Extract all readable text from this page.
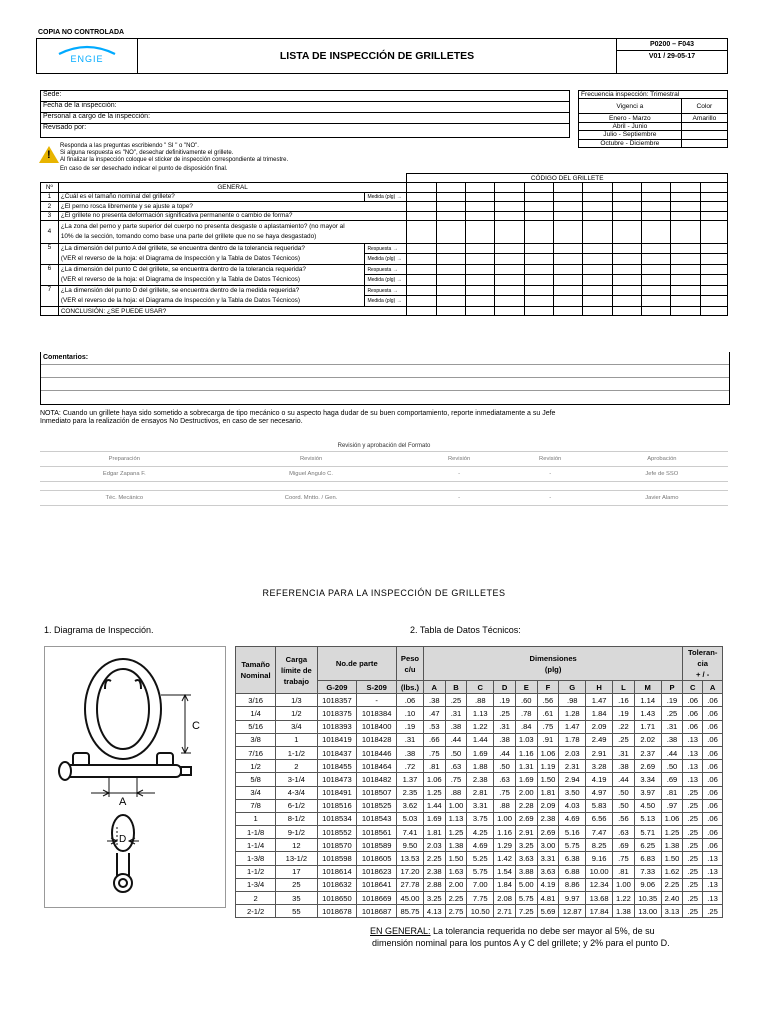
COPIA NO CONTROLADA
ENGIE	LISTA DE INSPECCIÓN DE GRILLETES	
P0200 – F043
V01 / 29-05-17
Sede:
Fecha de la inspección:
Personal a cargo de la inspección:
Revisado por:
Frecuencia inspección: Trimestral	
Vigenci a	Color
Enero - Marzo	Amarillo
Abril - Junio	
Julio - Septiembre	
Octubre - Diciembre	
!
Responda a las preguntas escribiendo " SI " o "NO".
Si alguna respuesta es "NO", desechar definitivamente el grillete.
Al finalizar la inspección coloque el sticker de inspección correspondiente al trimestre.
En caso de ser desechado indicar el punto de disposición final.
			CÓDIGO DEL GRILLETE										
Nº	GENERAL												
1	¿Cuál es el tamaño nominal del grillete?	Medida (plg) →											
2	¿El perno rosca libremente y se ajuste a tope?												
3	¿El grillete no presenta deformación significativa permanente o cambio de forma?												
4	¿La zona del perno y parte superior del cuerpo no presenta desgaste o aplastamiento? (no mayor al
10% de la sección, tomando como base una parte del grillete que no se haya desgastado)												

5	¿La dimensión del punto A del grillete, se encuentra dentro de la tolerancia requerida?
(VER el reverso de la hoja: el Diagrama de Inspección y la Tabla de Datos Técnicos)	Respuesta →											
		Medida (plg) →											
6	¿La dimensión del punto C del grillete, se encuentra dentro de la tolerancia requerida?
(VER el reverso de la hoja: el Diagrama de Inspección y la Tabla de Datos Técnicos)	Respuesta →											
		Medida (plg) →											
7	¿La dimensión del punto D del grillete, se encuentra dentro de la medida requerida?
(VER el reverso de la hoja: el Diagrama de Inspección y la Tabla de Datos Técnicos)	Respuesta →											
		Medida (plg) →											
	CONCLUSIÓN: ¿SE PUEDE USAR?												
Comentarios:
NOTA: Cuando un grillete haya sido sometido a sobrecarga de tipo mecánico o su aspecto haga dudar de su buen comportamiento, reporte inmediatamente a su Jefe
Inmediato para la realización de ensayos No Destructivos, en caso de ser necesario.
Revisión y aprobación del Formato
Preparación	Revisión	Revisión	Revisión	Aprobación
Edgar Zapana F.	Miguel Angulo C.	-	-	Jefe de SSO

Téc. Mecánico	Coord. Mntto. / Gen.	-	-	Javier Alamo
REFERENCIA PARA LA INSPECCIÓN DE GRILLETES
1. Diagrama de Inspección.	2. Tabla de Datos Técnicos:
C
A
D
Tamaño
Nominal	Carga
límite de
trabajo	No.de parte		Peso
c/u	Dimensiones
(plg)											Toleran-
cia
+ / -	

		G-209	S-209	(lbs.)	A	B	C	D	E	F	G	H	L	M	P	C	A
3/16	1/3	1018357	-	.06	.38	.25	.88	.19	.60	.56	.98	1.47	.16	1.14	.19	.06	.06
1/4	1/2	1018375	1018384	.10	.47	.31	1.13	.25	.78	.61	1.28	1.84	.19	1.43	.25	.06	.06
5/16	3/4	1018393	1018400	.19	.53	.38	1.22	.31	.84	.75	1.47	2.09	.22	1.71	.31	.06	.06
3/8	1	1018419	1018428	.31	.66	.44	1.44	.38	1.03	.91	1.78	2.49	.25	2.02	.38	.13	.06
7/16	1-1/2	1018437	1018446	.38	.75	.50	1.69	.44	1.16	1.06	2.03	2.91	.31	2.37	.44	.13	.06
1/2	2	1018455	1018464	.72	.81	.63	1.88	.50	1.31	1.19	2.31	3.28	.38	2.69	.50	.13	.06
5/8	3-1/4	1018473	1018482	1.37	1.06	.75	2.38	.63	1.69	1.50	2.94	4.19	.44	3.34	.69	.13	.06
3/4	4-3/4	1018491	1018507	2.35	1.25	.88	2.81	.75	2.00	1.81	3.50	4.97	.50	3.97	.81	.25	.06
7/8	6-1/2	1018516	1018525	3.62	1.44	1.00	3.31	.88	2.28	2.09	4.03	5.83	.50	4.50	.97	.25	.06
1	8-1/2	1018534	1018543	5.03	1.69	1.13	3.75	1.00	2.69	2.38	4.69	6.56	.56	5.13	1.06	.25	.06
1-1/8	9-1/2	1018552	1018561	7.41	1.81	1.25	4.25	1.16	2.91	2.69	5.16	7.47	.63	5.71	1.25	.25	.06
1-1/4	12	1018570	1018589	9.50	2.03	1.38	4.69	1.29	3.25	3.00	5.75	8.25	.69	6.25	1.38	.25	.06
1-3/8	13-1/2	1018598	1018605	13.53	2.25	1.50	5.25	1.42	3.63	3.31	6.38	9.16	.75	6.83	1.50	.25	.13
1-1/2	17	1018614	1018623	17.20	2.38	1.63	5.75	1.54	3.88	3.63	6.88	10.00	.81	7.33	1.62	.25	.13
1-3/4	25	1018632	1018641	27.78	2.88	2.00	7.00	1.84	5.00	4.19	8.86	12.34	1.00	9.06	2.25	.25	.13
2	35	1018650	1018669	45.00	3.25	2.25	7.75	2.08	5.75	4.81	9.97	13.68	1.22	10.35	2.40	.25	.13
2-1/2	55	1018678	1018687	85.75	4.13	2.75	10.50	2.71	7.25	5.69	12.87	17.84	1.38	13.00	3.13	.25	.25
EN GENERAL: La tolerancia requerida no debe ser mayor al 5%, de su
dimensión nominal para los puntos A y C del grillete; y 2% para el punto D.
